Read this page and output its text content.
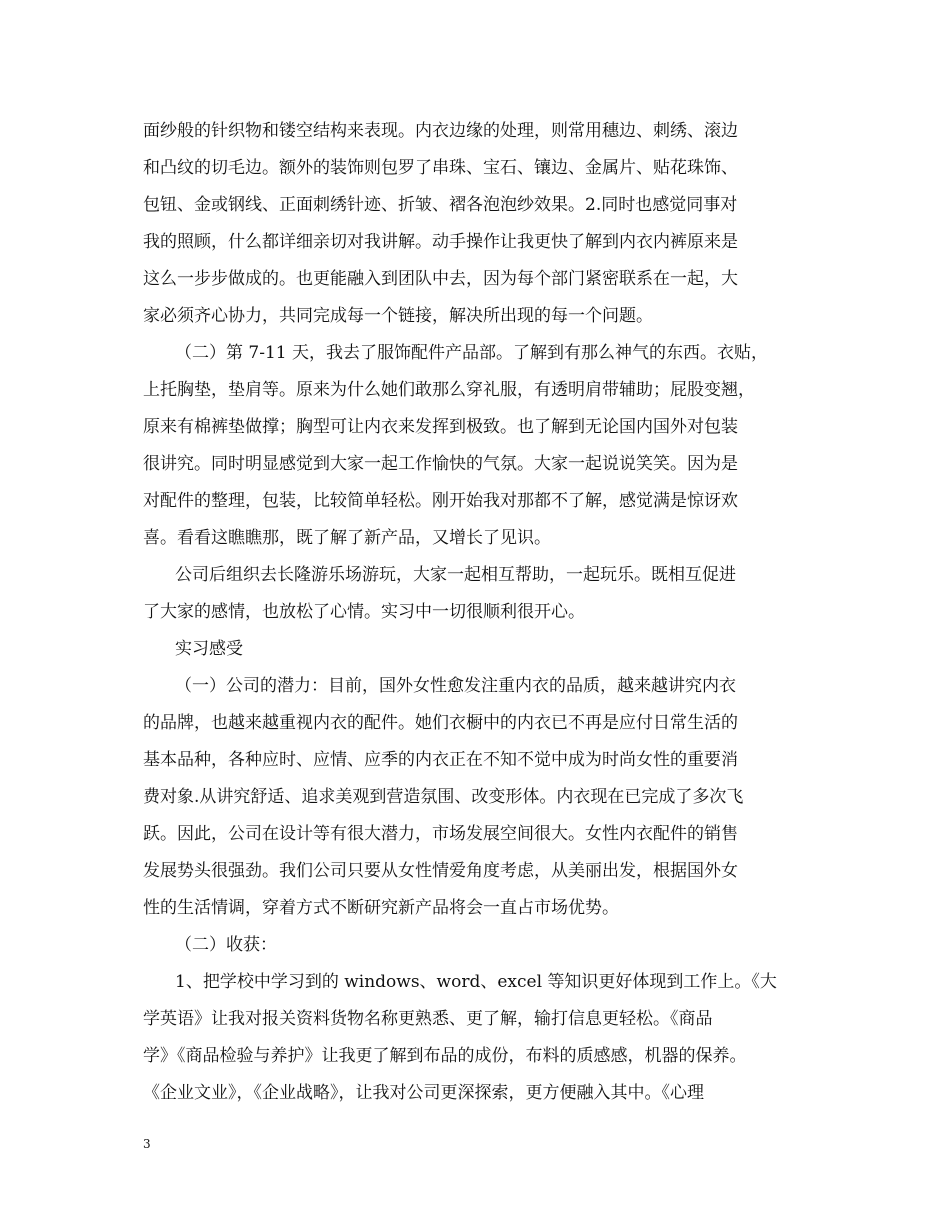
面纱般的针织物和镂空结构来表现。内衣边缘的处理，则常用穗边、刺绣、滚边
和凸纹的切毛边。额外的装饰则包罗了串珠、宝石、镶边、金属片、贴花珠饰、
包钮、金或钢线、正面刺绣针迹、折皱、褶各泡泡纱效果。2.同时也感觉同事对
我的照顾，什么都详细亲切对我讲解。动手操作让我更快了解到内衣内裤原来是
这么一步步做成的。也更能融入到团队中去，因为每个部门紧密联系在一起，大
家必须齐心协力，共同完成每一个链接，解决所出现的每一个问题。
（二）第 7-11 天，我去了服饰配件产品部。了解到有那么神气的东西。衣贴，
上托胸垫，垫肩等。原来为什么她们敢那么穿礼服，有透明肩带辅助；屁股变翘，
原来有棉裤垫做撑；胸型可让内衣来发挥到极致。也了解到无论国内国外对包装
很讲究。同时明显感觉到大家一起工作愉快的气氛。大家一起说说笑笑。因为是
对配件的整理，包装，比较简单轻松。刚开始我对那都不了解，感觉满是惊讶欢
喜。看看这瞧瞧那，既了解了新产品，又增长了见识。
公司后组织去长隆游乐场游玩，大家一起相互帮助，一起玩乐。既相互促进
了大家的感情，也放松了心情。实习中一切很顺利很开心。
实习感受
（一）公司的潜力：目前，国外女性愈发注重内衣的品质，越来越讲究内衣
的品牌，也越来越重视内衣的配件。她们衣橱中的内衣已不再是应付日常生活的
基本品种，各种应时、应情、应季的内衣正在不知不觉中成为时尚女性的重要消
费对象.从讲究舒适、追求美观到营造氛围、改变形体。内衣现在已完成了多次飞
跃。因此，公司在设计等有很大潜力，市场发展空间很大。女性内衣配件的销售
发展势头很强劲。我们公司只要从女性情爱角度考虑，从美丽出发，根据国外女
性的生活情调，穿着方式不断研究新产品将会一直占市场优势。
（二）收获：
1、把学校中学习到的 windows、word、excel 等知识更好体现到工作上。《大
学英语》让我对报关资料货物名称更熟悉、更了解，输打信息更轻松。《商品
学》《商品检验与养护》让我更了解到布品的成份，布料的质感感，机器的保养。
《企业文业》，《企业战略》，让我对公司更深探索，更方便融入其中。《心理
3
